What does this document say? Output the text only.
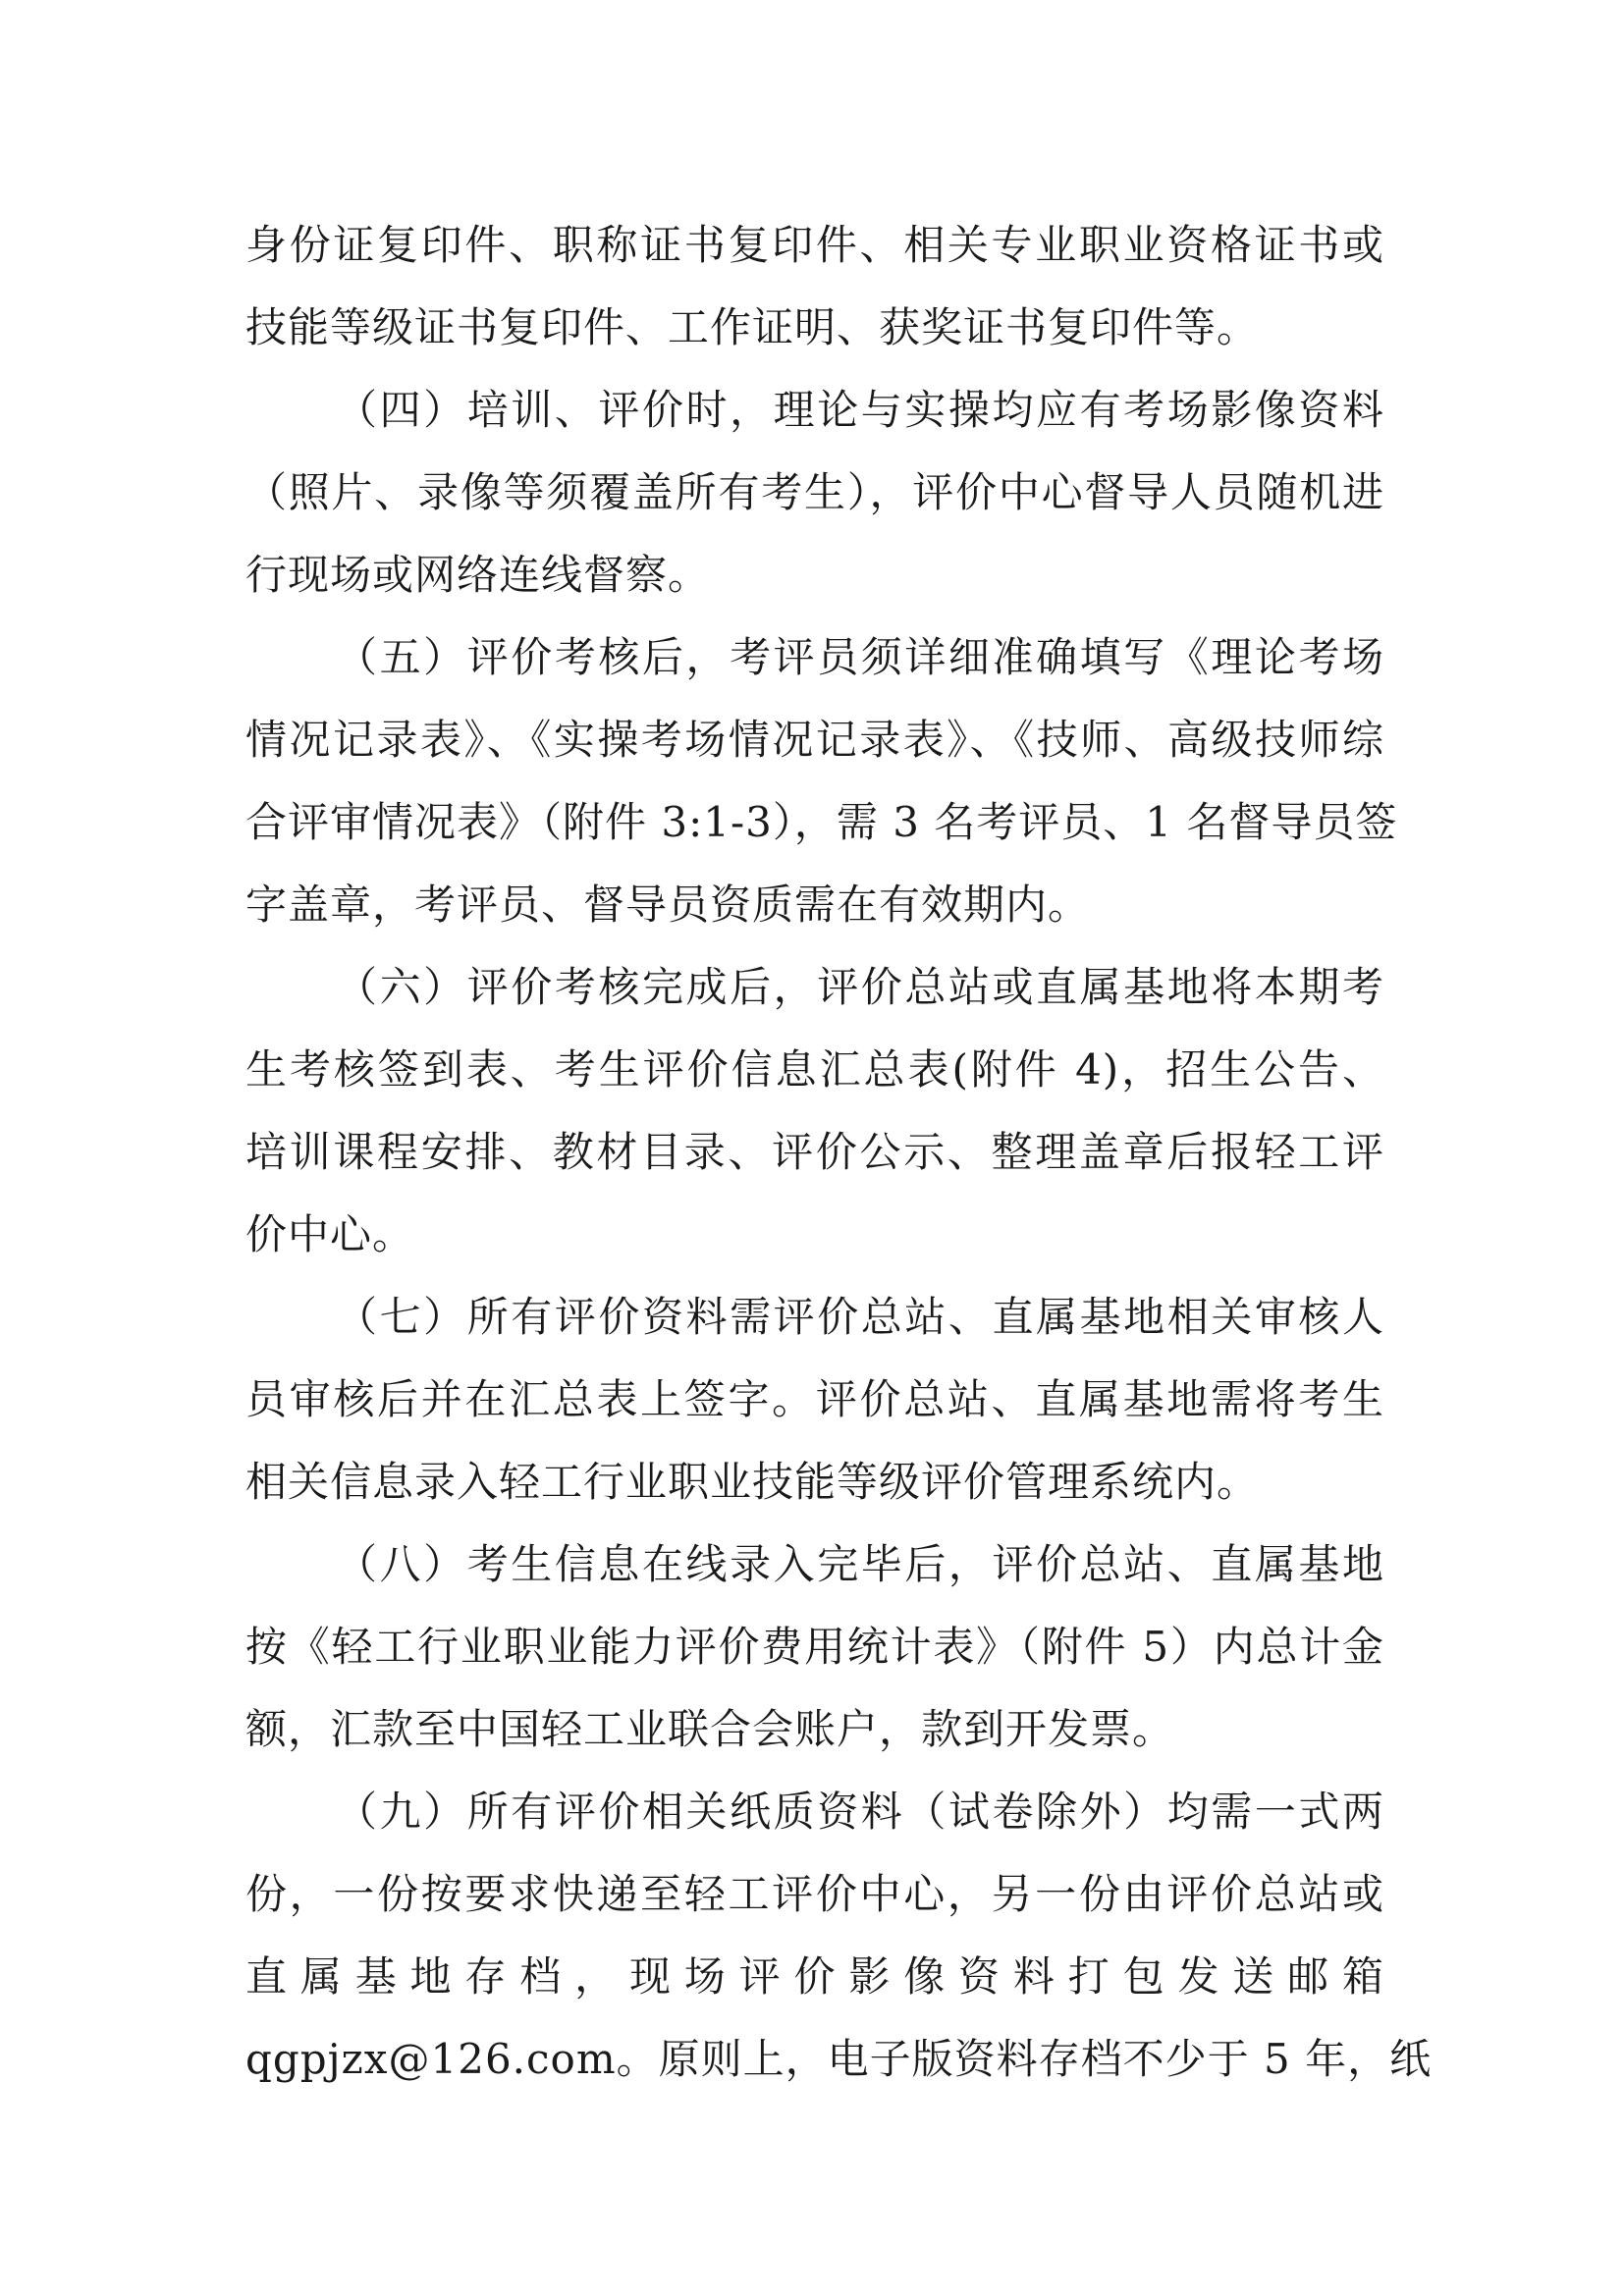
身份证复印件、职称证书复印件、相关专业职业资格证书或
技能等级证书复印件、工作证明、获奖证书复印件等。
（四）培训、评价时，理论与实操均应有考场影像资料
（照片、录像等须覆盖所有考生），评价中心督导人员随机进
行现场或网络连线督察。
（五）评价考核后，考评员须详细准确填写《理论考场
情况记录表》、《实操考场情况记录表》、《技师、高级技师综
合评审情况表》（附件 3:1-3），需 3 名考评员、1 名督导员签
字盖章，考评员、督导员资质需在有效期内。
（六）评价考核完成后，评价总站或直属基地将本期考
生考核签到表、考生评价信息汇总表(附件 4)，招生公告、
培训课程安排、教材目录、评价公示、整理盖章后报轻工评
价中心。
（七）所有评价资料需评价总站、直属基地相关审核人
员审核后并在汇总表上签字。评价总站、直属基地需将考生
相关信息录入轻工行业职业技能等级评价管理系统内。
（八）考生信息在线录入完毕后，评价总站、直属基地
按《轻工行业职业能力评价费用统计表》（附件 5）内总计金
额，汇款至中国轻工业联合会账户，款到开发票。
（九）所有评价相关纸质资料（试卷除外）均需一式两
份，一份按要求快递至轻工评价中心，另一份由评价总站或
直属基地存档，现场评价影像资料打包发送邮箱
qgpjzx@126.com。原则上，电子版资料存档不少于 5 年，纸
